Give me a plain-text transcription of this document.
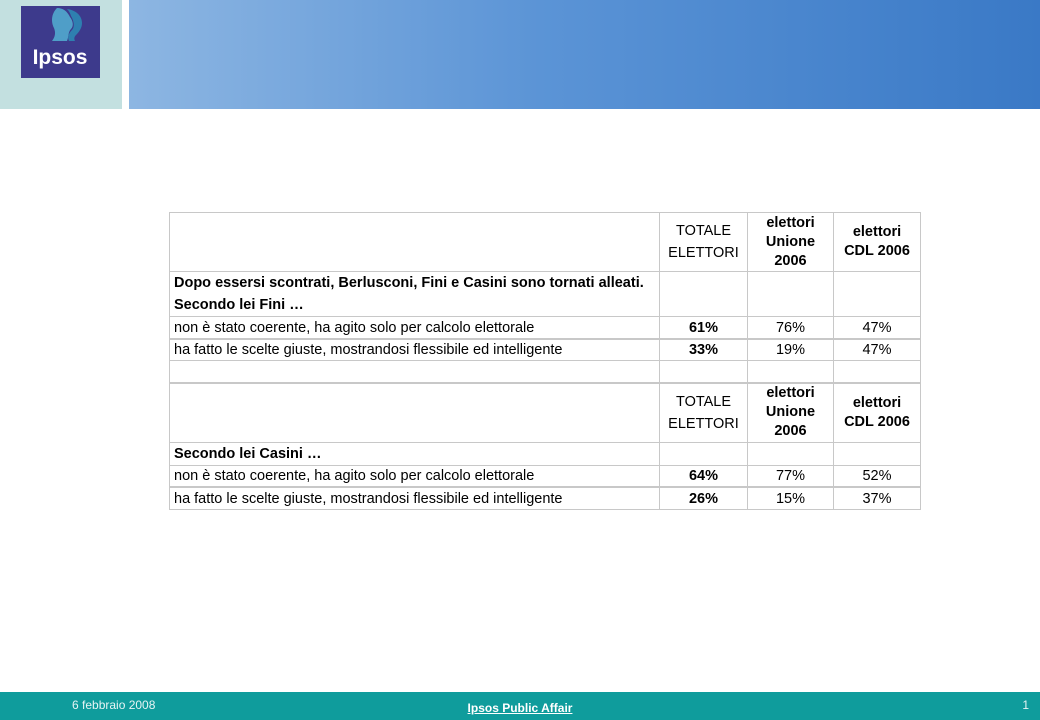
Ipsos
	TOTALE ELETTORI	elettori Unione 2006	elettori CDL 2006
Dopo essersi scontrati, Berlusconi, Fini e Casini sono tornati alleati. Secondo lei Fini …			
non è stato coerente, ha agito solo per calcolo elettorale	61%	76%	47%
ha fatto le scelte giuste, mostrandosi flessibile ed intelligente	33%	19%	47%

	TOTALE ELETTORI	elettori Unione 2006	elettori CDL 2006
Secondo lei Casini …			
non è stato coerente, ha agito solo per calcolo elettorale	64%	77%	52%
ha fatto le scelte giuste, mostrandosi flessibile ed intelligente	26%	15%	37%
6 febbraio 2008	Ipsos Public Affair	1
